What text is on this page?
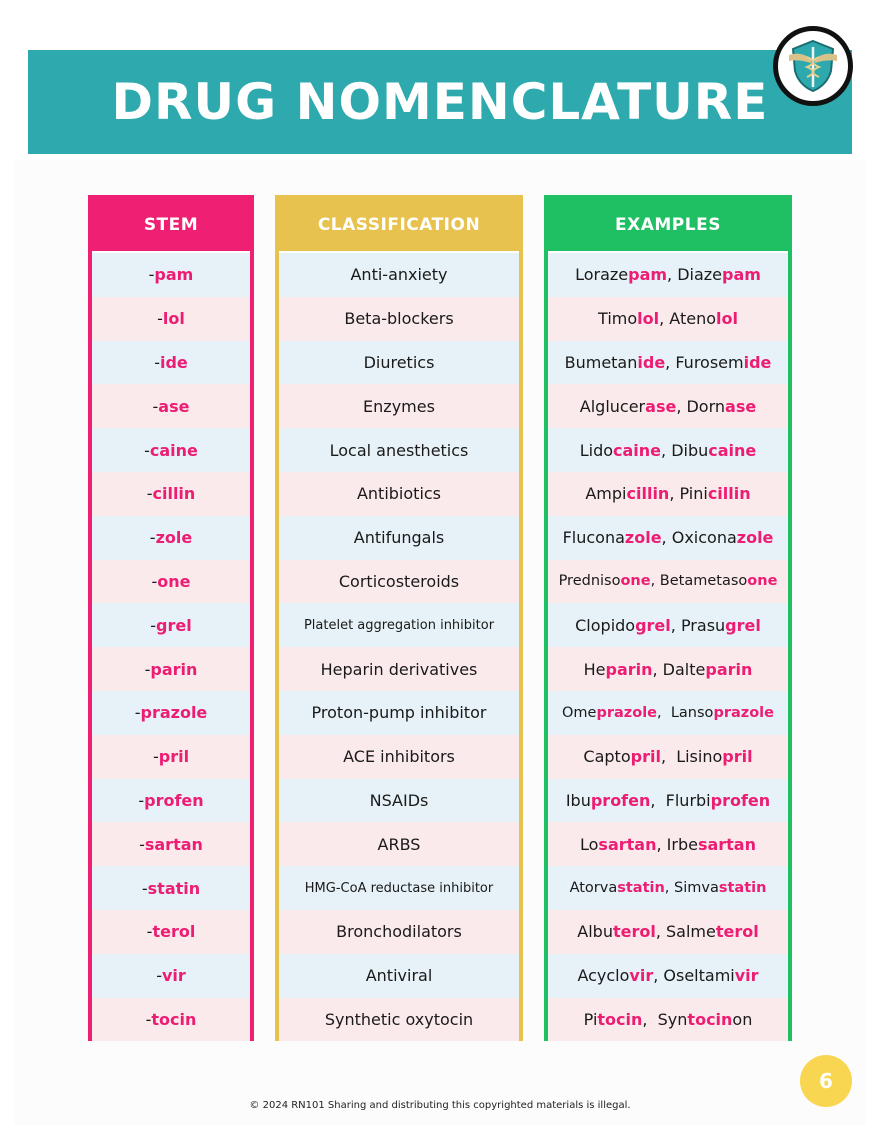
DRUG NOMENCLATURE
STEM
- pam
- lol
- ide
- ase
- caine
- cillin
- zole
- one
- grel
- parin
- prazole
- pril
- profen
- sartan
- statin
- terol
- vir
- tocin
CLASSIFICATION
Anti-anxiety
Beta-blockers
Diuretics
Enzymes
Local anesthetics
Antibiotics
Antifungals
Corticosteroids
Platelet aggregation inhibitor
Heparin derivatives
Proton-pump inhibitor
ACE inhibitors
NSAIDs
ARBS
HMG-CoA reductase inhibitor
Bronchodilators
Antiviral
Synthetic oxytocin
EXAMPLES
Loraze pam , Diaze pam
Timo lol , Ateno lol
Bumetan ide , Furosem ide
Alglucer ase , Dorn ase
Lido caine , Dibu caine
Ampi cillin , Pini cillin
Flucona zole , Oxicona zole
Predniso one , Betametaso one
Clopido grel , Prasu grel
He parin , Dalte parin
Ome prazole ,  Lanso prazole
Capto pril ,  Lisino pril
Ibu profen ,  Flurbi profen
Lo sartan , Irbe sartan
Atorva statin , Simva statin
Albu terol , Salme terol
Acyclo vir , Oseltami vir
Pi tocin ,  Syn tocin on
© 2024 RN101 Sharing and distributing this copyrighted materials is illegal.
6
